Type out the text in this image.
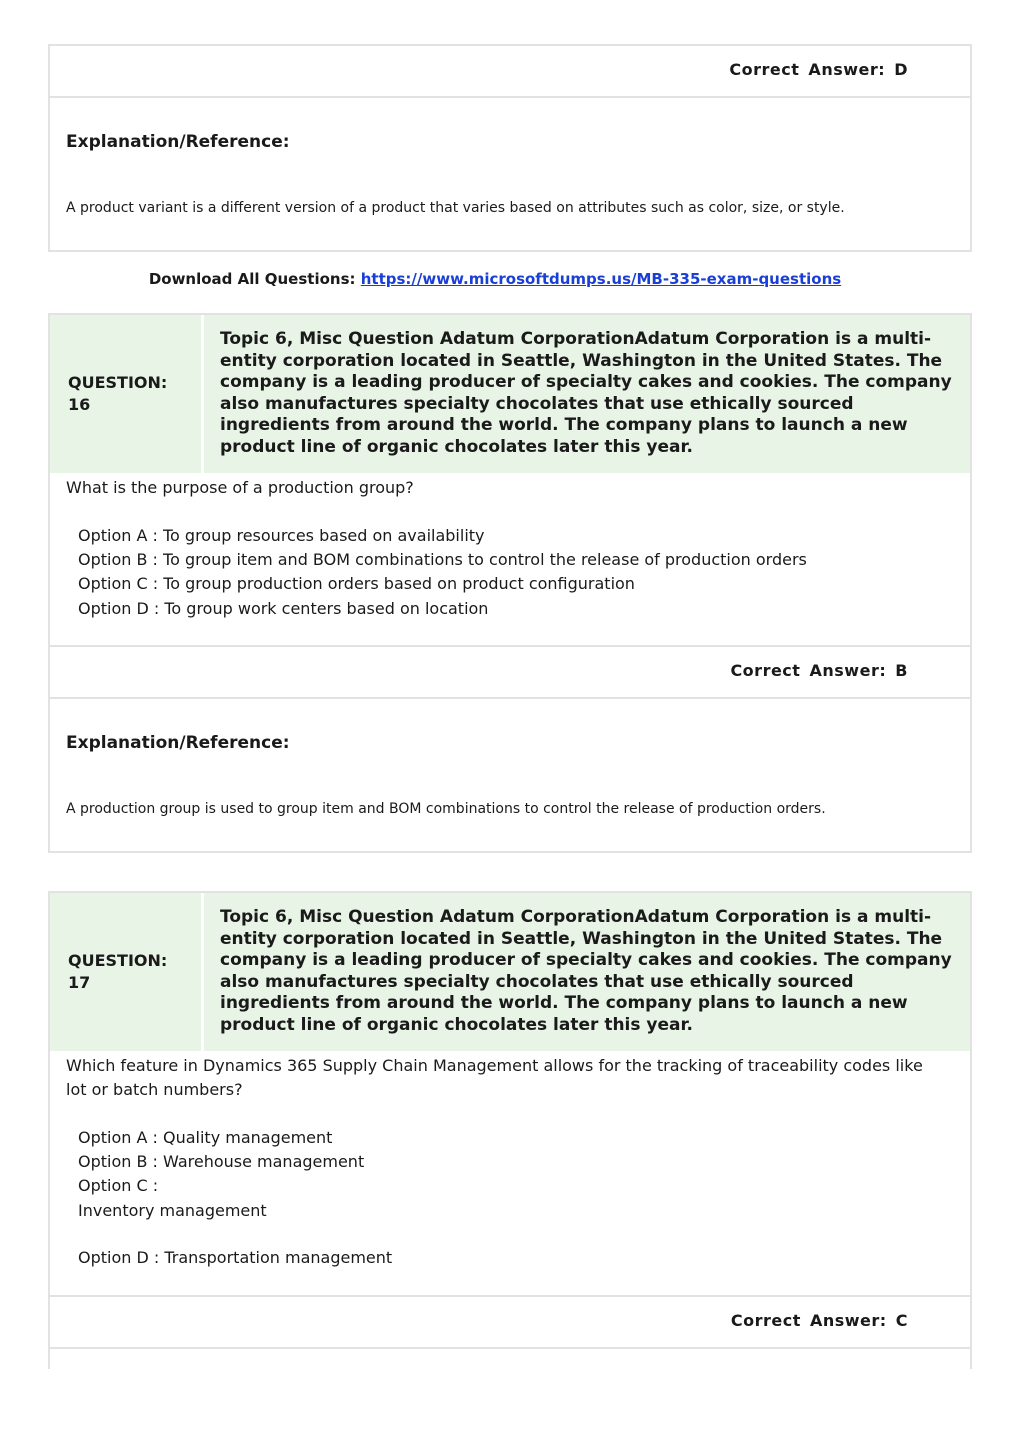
Correct Answer: D
Explanation/Reference:
A product variant is a different version of a product that varies based on attributes such as color, size, or style.
Download All Questions: https://www.microsoftdumps.us/MB-335-exam-questions
QUESTION:
16
Topic 6, Misc Question Adatum CorporationAdatum Corporation is a multi-entity corporation located in Seattle, Washington in the United States. The company is a leading producer of specialty cakes and cookies. The company also manufactures specialty chocolates that use ethically sourced ingredients from around the world. The company plans to launch a new product line of organic chocolates later this year.
What is the purpose of a production group?
Option A : To group resources based on availability
Option B : To group item and BOM combinations to control the release of production orders
Option C : To group production orders based on product configuration
Option D : To group work centers based on location
Correct Answer: B
Explanation/Reference:
A production group is used to group item and BOM combinations to control the release of production orders.
QUESTION:
17
Topic 6, Misc Question Adatum CorporationAdatum Corporation is a multi-entity corporation located in Seattle, Washington in the United States. The company is a leading producer of specialty cakes and cookies. The company also manufactures specialty chocolates that use ethically sourced ingredients from around the world. The company plans to launch a new product line of organic chocolates later this year.
Which feature in Dynamics 365 Supply Chain Management allows for the tracking of traceability codes like lot or batch numbers?
Option A : Quality management
Option B : Warehouse management
Option C :
Inventory management
Option D : Transportation management
Correct Answer: C
